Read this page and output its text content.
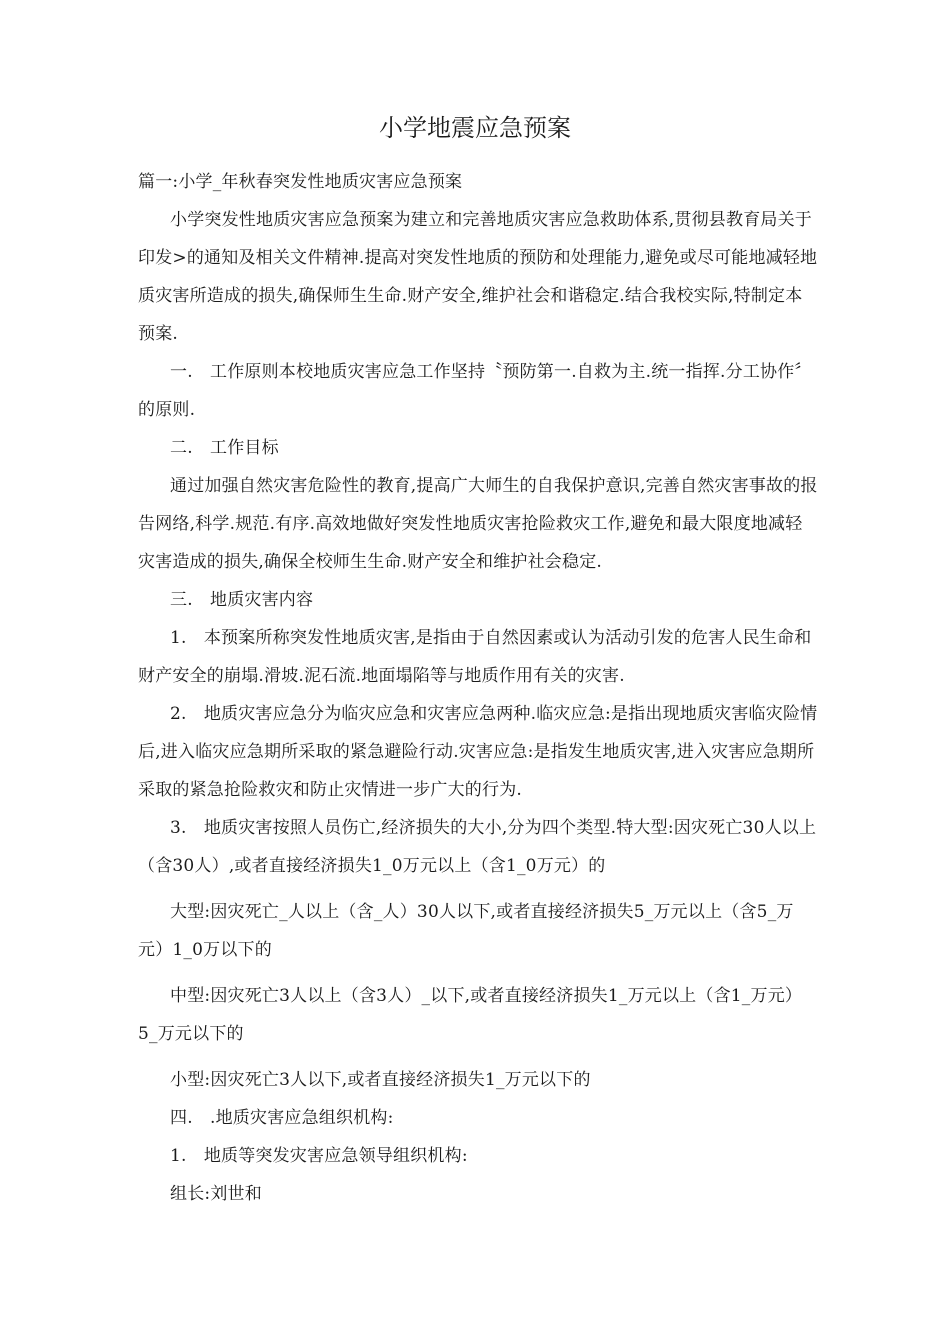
小学地震应急预案

篇一:小学_年秋春突发性地质灾害应急预案

小学突发性地质灾害应急预案为建立和完善地质灾害应急救助体系,贯彻县教育局关于印发>的通知及相关文件精神.提高对突发性地质的预防和处理能力,避免或尽可能地减轻地质灾害所造成的损失,确保师生生命.财产安全,维护社会和谐稳定.结合我校实际,特制定本预案.

一.　工作原则本校地质灾害应急工作坚持〝预防第一.自救为主.统一指挥.分工协作〞的原则.

二.　工作目标

通过加强自然灾害危险性的教育,提高广大师生的自我保护意识,完善自然灾害事故的报告网络,科学.规范.有序.高效地做好突发性地质灾害抢险救灾工作,避免和最大限度地减轻灾害造成的损失,确保全校师生生命.财产安全和维护社会稳定.

三.　地质灾害内容

1.　本预案所称突发性地质灾害,是指由于自然因素或认为活动引发的危害人民生命和财产安全的崩塌.滑坡.泥石流.地面塌陷等与地质作用有关的灾害.

2.　地质灾害应急分为临灾应急和灾害应急两种.临灾应急:是指出现地质灾害临灾险情后,进入临灾应急期所采取的紧急避险行动.灾害应急:是指发生地质灾害,进入灾害应急期所采取的紧急抢险救灾和防止灾情进一步广大的行为.

3.　地质灾害按照人员伤亡,经济损失的大小,分为四个类型.特大型:因灾死亡30人以上（含30人）,或者直接经济损失1_0万元以上（含1_0万元）的

大型:因灾死亡_人以上（含_人）30人以下,或者直接经济损失5_万元以上（含5_万元）1_0万以下的

中型:因灾死亡3人以上（含3人）_以下,或者直接经济损失1_万元以上（含1_万元）5_万元以下的

小型:因灾死亡3人以下,或者直接经济损失1_万元以下的

四.　.地质灾害应急组织机构:

1.　地质等突发灾害应急领导组织机构:

组长:刘世和
